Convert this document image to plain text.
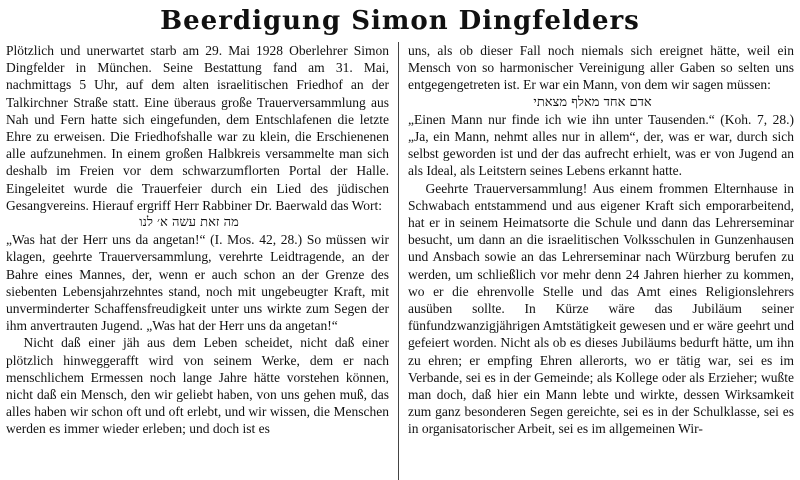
Beerdigung Simon Dingfelders

Plötzlich und unerwartet starb am 29. Mai 1928 Oberlehrer Simon Dingfelder in München. Seine Bestattung fand am 31. Mai, nachmittags 5 Uhr, auf dem alten israelitischen Friedhof an der Talkirchner Straße statt. Eine überaus große Trauerversammlung aus Nah und Fern hatte sich eingefunden, dem Entschlafenen die letzte Ehre zu erweisen. Die Friedhofshalle war zu klein, die Erschienenen alle aufzunehmen. In einem großen Halbkreis versammelte man sich deshalb im Freien vor dem schwarzumflorten Portal der Halle. Eingeleitet wurde die Trauerfeier durch ein Lied des jüdischen Gesangvereins. Hierauf ergriff Herr Rabbiner Dr. Baerwald das Wort:

מה זאת עשה א׳ לנו

„Was hat der Herr uns da angetan!“ (I. Mos. 42, 28.) So müssen wir klagen, geehrte Trauerversammlung, verehrte Leidtragende, an der Bahre eines Mannes, der, wenn er auch schon an der Grenze des siebenten Lebensjahrzehntes stand, noch mit ungebeugter Kraft, mit unverminderter Schaffensfreudigkeit unter uns wirkte zum Segen der ihm anvertrauten Jugend. „Was hat der Herr uns da angetan!“

Nicht daß einer jäh aus dem Leben scheidet, nicht daß einer plötzlich hinweggerafft wird von seinem Werke, dem er nach menschlichem Ermessen noch lange Jahre hätte vorstehen können, nicht daß ein Mensch, den wir geliebt haben, von uns gehen muß, das alles haben wir schon oft und oft erlebt, und wir wissen, die Menschen werden es immer wieder erleben; und doch ist es

uns, als ob dieser Fall noch niemals sich ereignet hätte, weil ein Mensch von so harmonischer Vereinigung aller Gaben so selten uns entgegengetreten ist. Er war ein Mann, von dem wir sagen müssen:

אדם אחד מאלף מצאתי

„Einen Mann nur finde ich wie ihn unter Tausenden.“ (Koh. 7, 28.) „Ja, ein Mann, nehmt alles nur in allem“, der, was er war, durch sich selbst geworden ist und der das aufrecht erhielt, was er von Jugend an als Ideal, als Leitstern seines Lebens erkannt hatte.

Geehrte Trauerversammlung! Aus einem frommen Elternhause in Schwabach entstammend und aus eigener Kraft sich emporarbeitend, hat er in seinem Heimatsorte die Schule und dann das Lehrerseminar besucht, um dann an die israelitischen Volksschulen in Gunzenhausen und Ansbach sowie an das Lehrerseminar nach Würzburg berufen zu werden, um schließlich vor mehr denn 24 Jahren hierher zu kommen, wo er die ehrenvolle Stelle und das Amt eines Religionslehrers ausüben sollte. In Kürze wäre das Jubiläum seiner fünfundzwanzigjährigen Amtstätigkeit gewesen und er wäre geehrt und gefeiert worden. Nicht als ob es dieses Jubiläums bedurft hätte, um ihn zu ehren; er empfing Ehren allerorts, wo er tätig war, sei es im Verbande, sei es in der Gemeinde; als Kollege oder als Erzieher; wußte man doch, daß hier ein Mann lebte und wirkte, dessen Wirksamkeit zum ganz besonderen Segen gereichte, sei es in der Schulklasse, sei es in organisatorischer Arbeit, sei es im allgemeinen Wir-
